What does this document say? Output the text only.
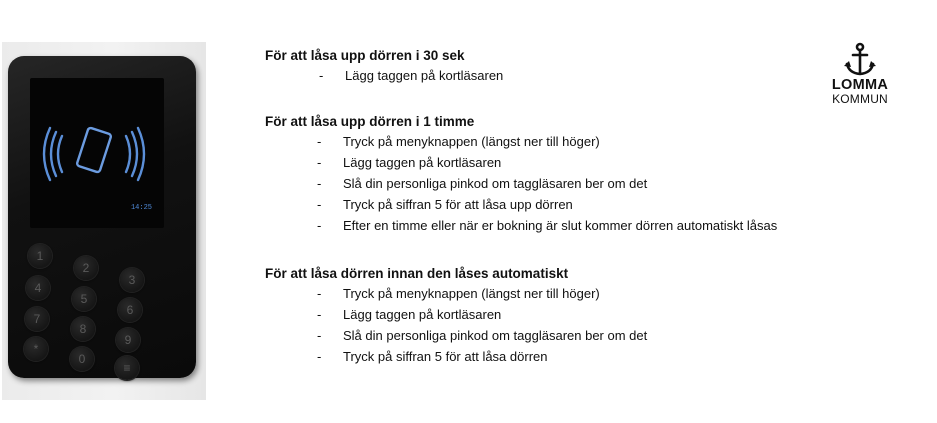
14:25
1
2
3
4
5
6
7
8
9
*
0
≡
För att låsa upp dörren i 30 sek
- Lägg taggen på kortläsaren
För att låsa upp dörren i 1 timme
- Tryck på menyknappen (längst ner till höger)
- Lägg taggen på kortläsaren
- Slå din personliga pinkod om taggläsaren ber om det
- Tryck på siffran 5 för att låsa upp dörren
- Efter en timme eller när er bokning är slut kommer dörren automatiskt låsas
För att låsa dörren innan den låses automatiskt
- Tryck på menyknappen (längst ner till höger)
- Lägg taggen på kortläsaren
- Slå din personliga pinkod om taggläsaren ber om det
- Tryck på siffran 5 för att låsa dörren
LOMMA
KOMMUN
